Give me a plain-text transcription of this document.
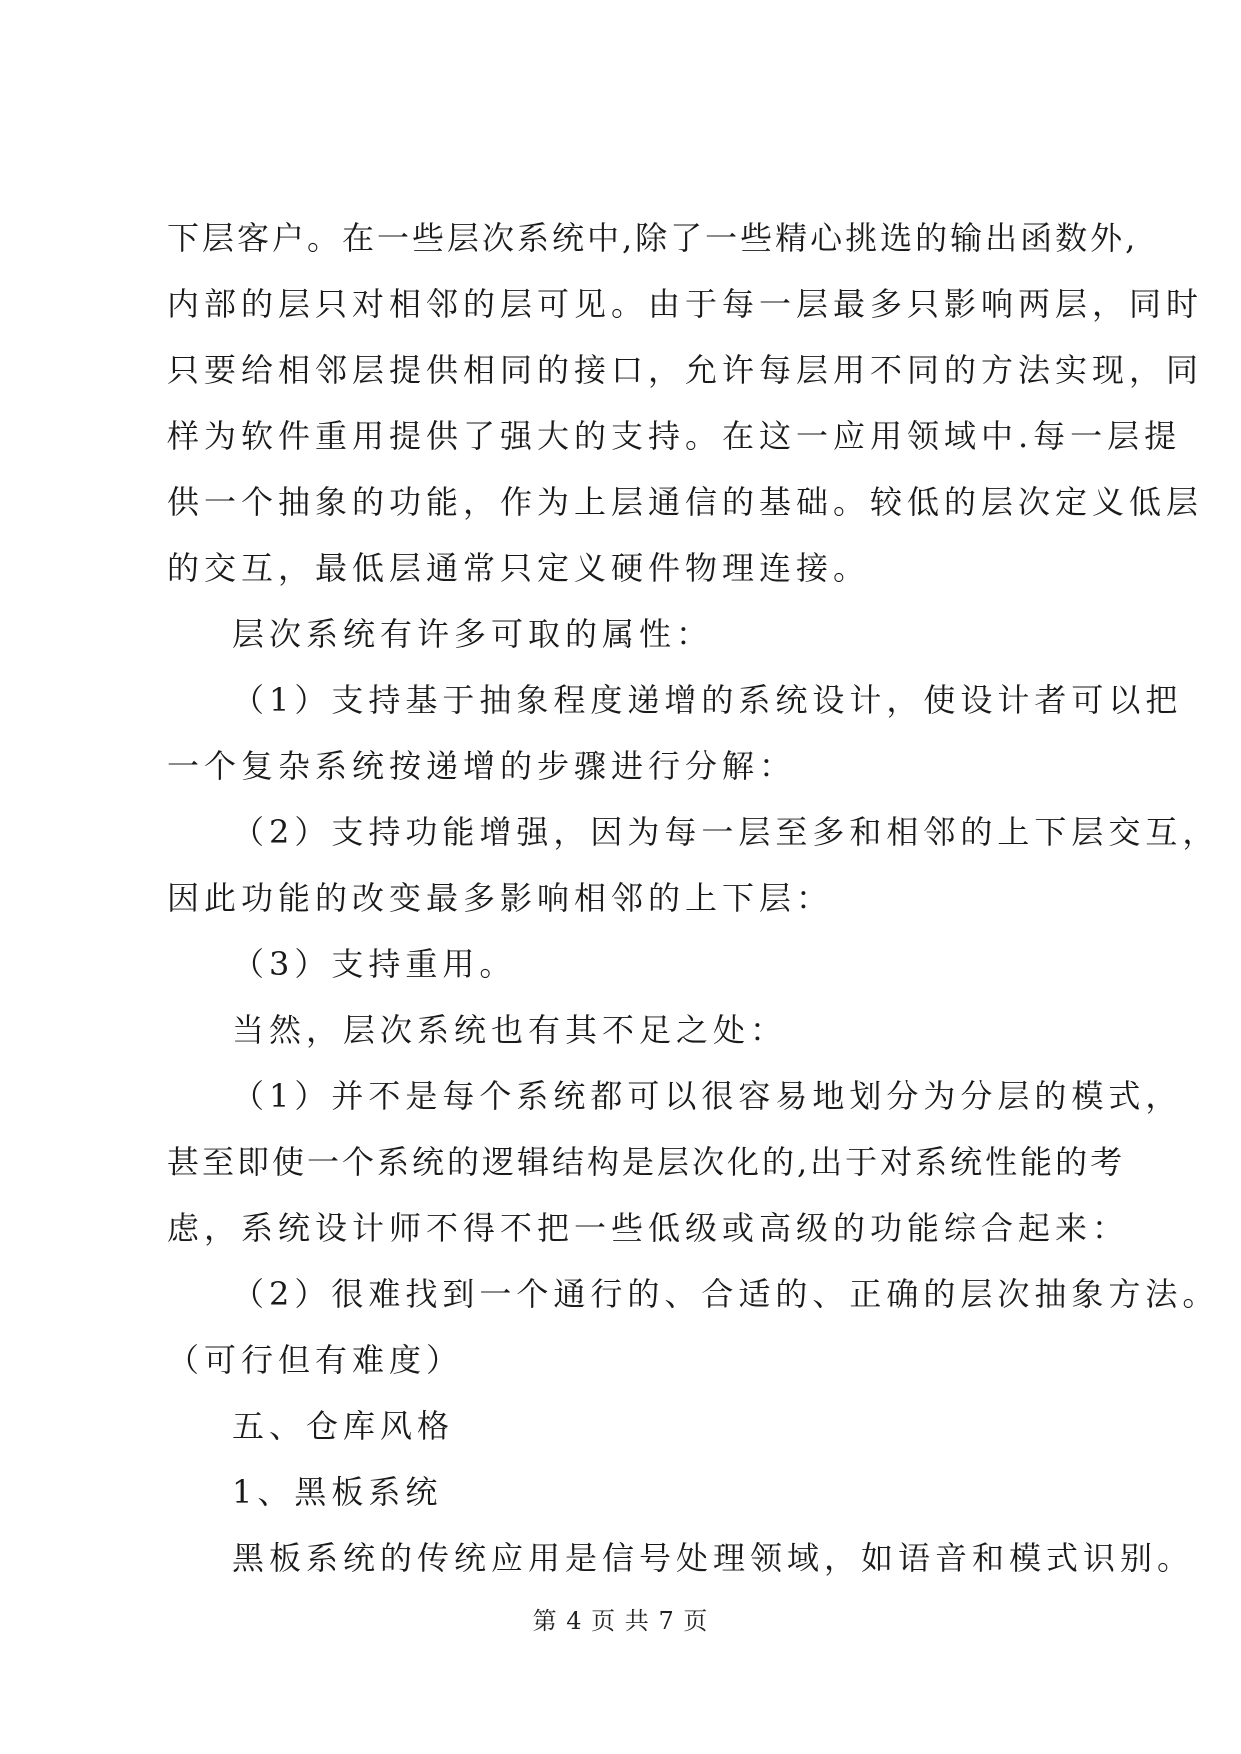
下层客户。在一些层次系统中,除了一些精心挑选的输出函数外,
内部的层只对相邻的层可见。由于每一层最多只影响两层，同时
只要给相邻层提供相同的接口，允许每层用不同的方法实现，同
样为软件重用提供了强大的支持。在这一应用领域中.每一层提
供一个抽象的功能，作为上层通信的基础。较低的层次定义低层
的交互，最低层通常只定义硬件物理连接。
层次系统有许多可取的属性：
（1）支持基于抽象程度递增的系统设计，使设计者可以把
一个复杂系统按递增的步骤进行分解：
（2）支持功能增强，因为每一层至多和相邻的上下层交互，
因此功能的改变最多影响相邻的上下层：
（3）支持重用。
当然，层次系统也有其不足之处：
（1）并不是每个系统都可以很容易地划分为分层的模式，
甚至即使一个系统的逻辑结构是层次化的,出于对系统性能的考
虑，系统设计师不得不把一些低级或高级的功能综合起来：
（2）很难找到一个通行的、合适的、正确的层次抽象方法。
（可行但有难度）
五、仓库风格
1、黑板系统
黑板系统的传统应用是信号处理领域，如语音和模式识别。
第 4 页 共 7 页
